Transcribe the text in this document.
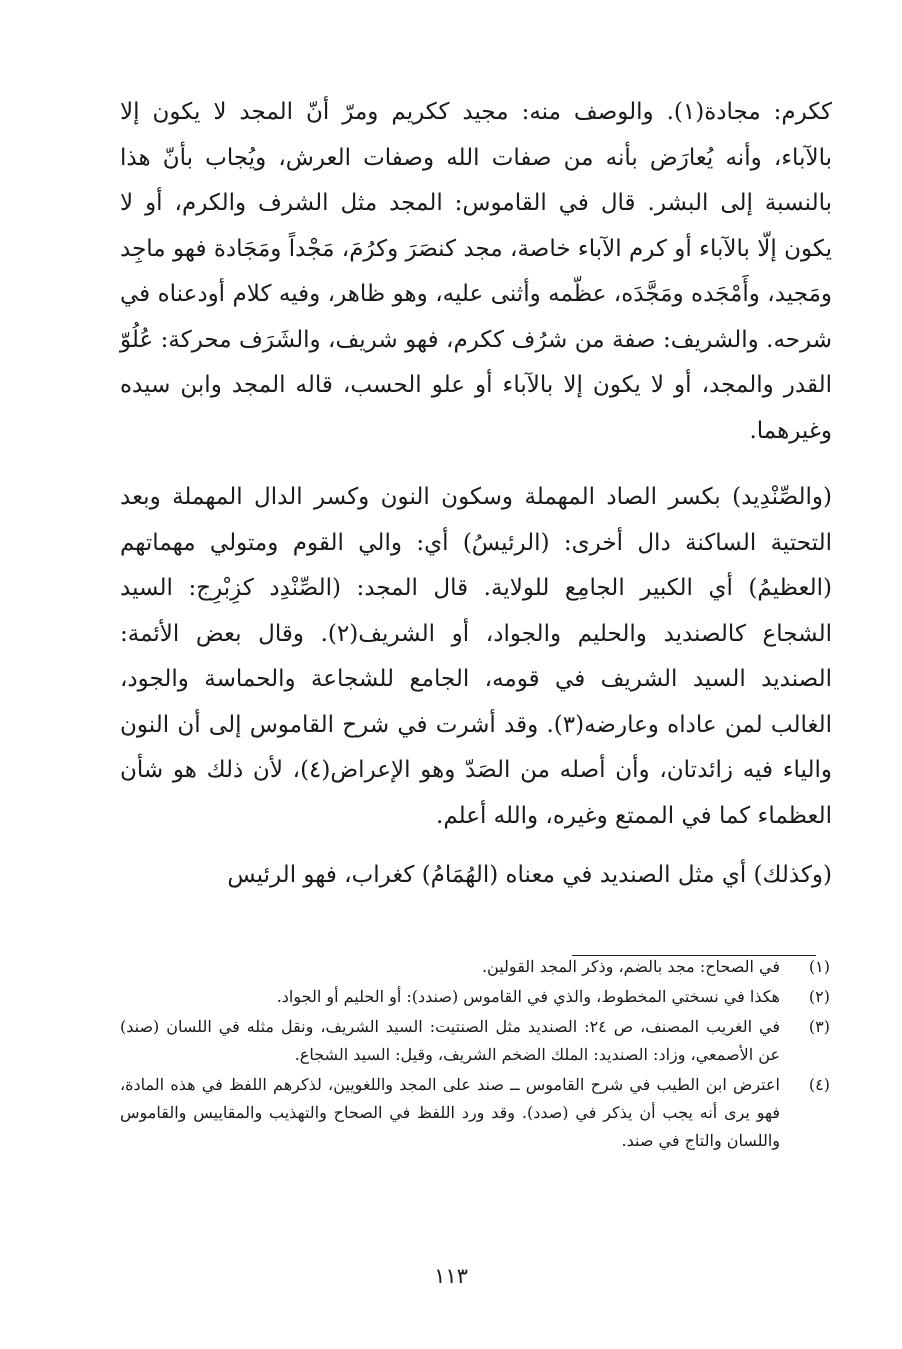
ككرم: مجادة(١). والوصف منه: مجيد ككريم ومرّ أنّ المجد لا يكون إلا بالآباء، وأنه يُعارَض بأنه من صفات الله وصفات العرش، ويُجاب بأنّ هذا بالنسبة إلى البشر. قال في القاموس: المجد مثل الشرف والكرم، أو لا يكون إلّا بالآباء أو كرم الآباء خاصة، مجد كنصَرَ وكرُمَ، مَجْداً ومَجَادة فهو ماجِد ومَجيد، وأَمْجَده ومَجَّدَه، عظّمه وأثنى عليه، وهو ظاهر، وفيه كلام أودعناه في شرحه. والشريف: صفة من شرُف ككرم، فهو شريف، والشَرَف محركة: عُلُوّ القدر والمجد، أو لا يكون إلا بالآباء أو علو الحسب، قاله المجد وابن سيده وغيرهما.

(والصِّنْدِيد) بكسر الصاد المهملة وسكون النون وكسر الدال المهملة وبعد التحتية الساكنة دال أخرى: (الرئيسُ) أي: والي القوم ومتولي مهماتهم (العظيمُ) أي الكبير الجامِع للولاية. قال المجد: (الصِّنْدِد كزِبْرِج: السيد الشجاع كالصنديد والحليم والجواد، أو الشريف(٢). وقال بعض الأئمة: الصنديد السيد الشريف في قومه، الجامع للشجاعة والحماسة والجود، الغالب لمن عاداه وعارضه(٣). وقد أشرت في شرح القاموس إلى أن النون والياء فيه زائدتان، وأن أصله من الصَدّ وهو الإعراض(٤)، لأن ذلك هو شأن العظماء كما في الممتع وغيره، والله أعلم.

(وكذلك) أي مثل الصنديد في معناه (الهُمَامُ) كغراب، فهو الرئيس

(١)
في الصحاح: مجد بالضم، وذكر المجد القولين.
(٢)
هكذا في نسختي المخطوط، والذي في القاموس (صندد): أو الحليم أو الجواد.
(٣)
في الغريب المصنف، ص ٢٤: الصنديد مثل الصنتيت: السيد الشريف، ونقل مثله في اللسان (صند) عن الأصمعي، وزاد: الصنديد: الملك الضخم الشريف، وقيل: السيد الشجاع.
(٤)
اعترض ابن الطيب في شرح القاموس ــ صند على المجد واللغويين، لذكرهم اللفظ في هذه المادة، فهو يرى أنه يجب أن يذكر في (صدد). وقد ورد اللفظ في الصحاح والتهذيب والمقاييس والقاموس واللسان والتاج في صند.
١١٣
